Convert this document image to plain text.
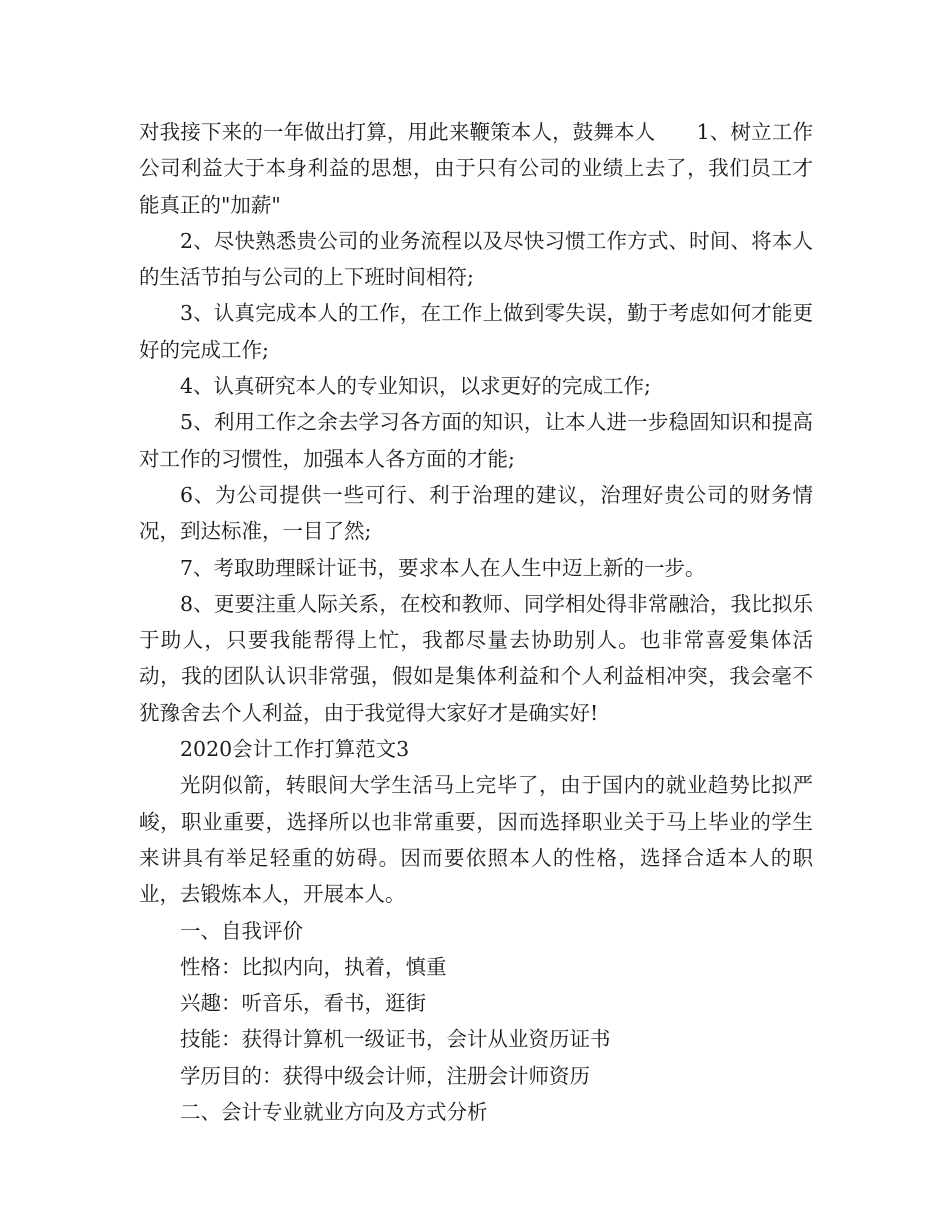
对我接下来的一年做出打算，用此来鞭策本人，鼓舞本人　　1、树立工作公司利益大于本身利益的思想，由于只有公司的业绩上去了，我们员工才能真正的"加薪"

2、尽快熟悉贵公司的业务流程以及尽快习惯工作方式、时间、将本人的生活节拍与公司的上下班时间相符;

3、认真完成本人的工作，在工作上做到零失误，勤于考虑如何才能更好的完成工作;

4、认真研究本人的专业知识，以求更好的完成工作;

5、利用工作之余去学习各方面的知识，让本人进一步稳固知识和提高对工作的习惯性，加强本人各方面的才能;

6、为公司提供一些可行、利于治理的建议，治理好贵公司的财务情况，到达标准，一目了然;

7、考取助理睬计证书，要求本人在人生中迈上新的一步。

8、更要注重人际关系，在校和教师、同学相处得非常融洽，我比拟乐于助人，只要我能帮得上忙，我都尽量去协助别人。也非常喜爱集体活动，我的团队认识非常强，假如是集体利益和个人利益相冲突，我会毫不犹豫舍去个人利益，由于我觉得大家好才是确实好!

2020会计工作打算范文3

光阴似箭，转眼间大学生活马上完毕了，由于国内的就业趋势比拟严峻，职业重要，选择所以也非常重要，因而选择职业关于马上毕业的学生来讲具有举足轻重的妨碍。因而要依照本人的性格，选择合适本人的职业，去锻炼本人，开展本人。

一、自我评价

性格：比拟内向，执着，慎重

兴趣：听音乐，看书，逛街

技能：获得计算机一级证书，会计从业资历证书

学历目的：获得中级会计师，注册会计师资历

二、会计专业就业方向及方式分析
